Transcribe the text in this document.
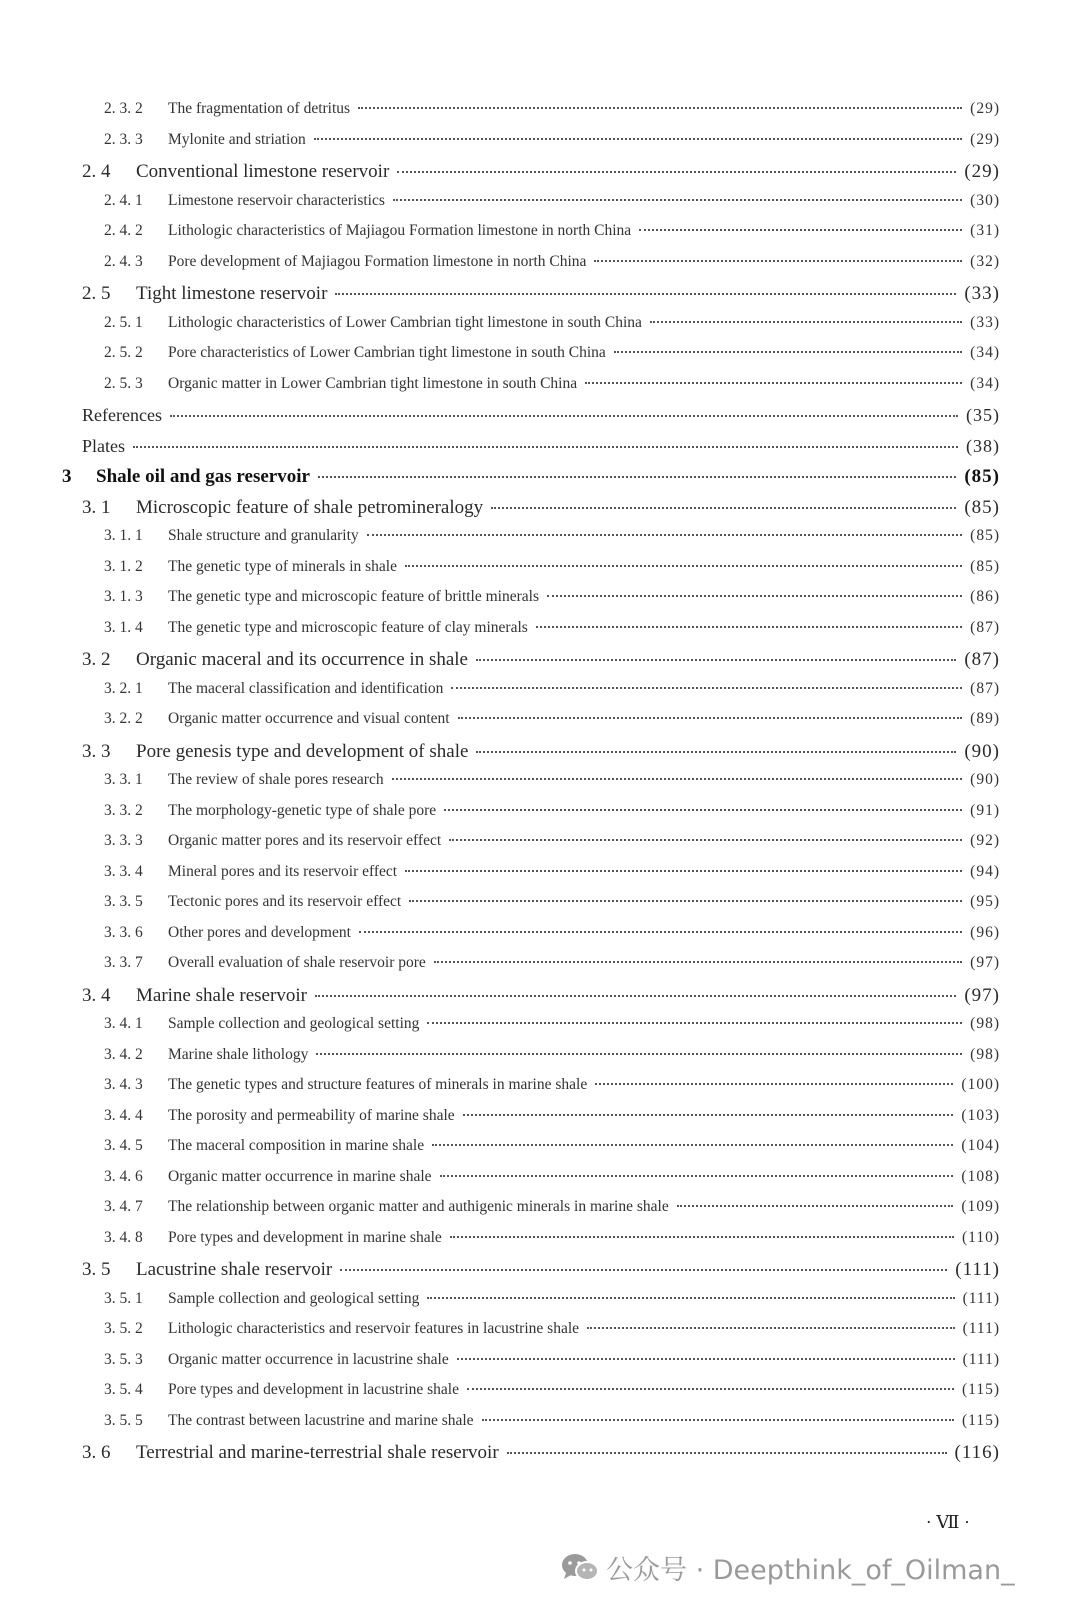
2. 3. 2	The fragmentation of detritus	(29)
2. 3. 3	Mylonite and striation	(29)
2. 4	Conventional limestone reservoir	(29)
2. 4. 1	Limestone reservoir characteristics	(30)
2. 4. 2	Lithologic characteristics of Majiagou Formation limestone in north China	(31)
2. 4. 3	Pore development of Majiagou Formation limestone in north China	(32)
2. 5	Tight limestone reservoir	(33)
2. 5. 1	Lithologic characteristics of Lower Cambrian tight limestone in south China	(33)
2. 5. 2	Pore characteristics of Lower Cambrian tight limestone in south China	(34)
2. 5. 3	Organic matter in Lower Cambrian tight limestone in south China	(34)
References	(35)
Plates	(38)
3	Shale oil and gas reservoir	(85)
3. 1	Microscopic feature of shale petromineralogy	(85)
3. 1. 1	Shale structure and granularity	(85)
3. 1. 2	The genetic type of minerals in shale	(85)
3. 1. 3	The genetic type and microscopic feature of brittle minerals	(86)
3. 1. 4	The genetic type and microscopic feature of clay minerals	(87)
3. 2	Organic maceral and its occurrence in shale	(87)
3. 2. 1	The maceral classification and identification	(87)
3. 2. 2	Organic matter occurrence and visual content	(89)
3. 3	Pore genesis type and development of shale	(90)
3. 3. 1	The review of shale pores research	(90)
3. 3. 2	The morphology-genetic type of shale pore	(91)
3. 3. 3	Organic matter pores and its reservoir effect	(92)
3. 3. 4	Mineral pores and its reservoir effect	(94)
3. 3. 5	Tectonic pores and its reservoir effect	(95)
3. 3. 6	Other pores and development	(96)
3. 3. 7	Overall evaluation of shale reservoir pore	(97)
3. 4	Marine shale reservoir	(97)
3. 4. 1	Sample collection and geological setting	(98)
3. 4. 2	Marine shale lithology	(98)
3. 4. 3	The genetic types and structure features of minerals in marine shale	(100)
3. 4. 4	The porosity and permeability of marine shale	(103)
3. 4. 5	The maceral composition in marine shale	(104)
3. 4. 6	Organic matter occurrence in marine shale	(108)
3. 4. 7	The relationship between organic matter and authigenic minerals in marine shale	(109)
3. 4. 8	Pore types and development in marine shale	(110)
3. 5	Lacustrine shale reservoir	(111)
3. 5. 1	Sample collection and geological setting	(111)
3. 5. 2	Lithologic characteristics and reservoir features in lacustrine shale	(111)
3. 5. 3	Organic matter occurrence in lacustrine shale	(111)
3. 5. 4	Pore types and development in lacustrine shale	(115)
3. 5. 5	The contrast between lacustrine and marine shale	(115)
3. 6	Terrestrial and marine-terrestrial shale reservoir	(116)
· Ⅶ ·
公众号 · Deepthink_of_Oilman_
